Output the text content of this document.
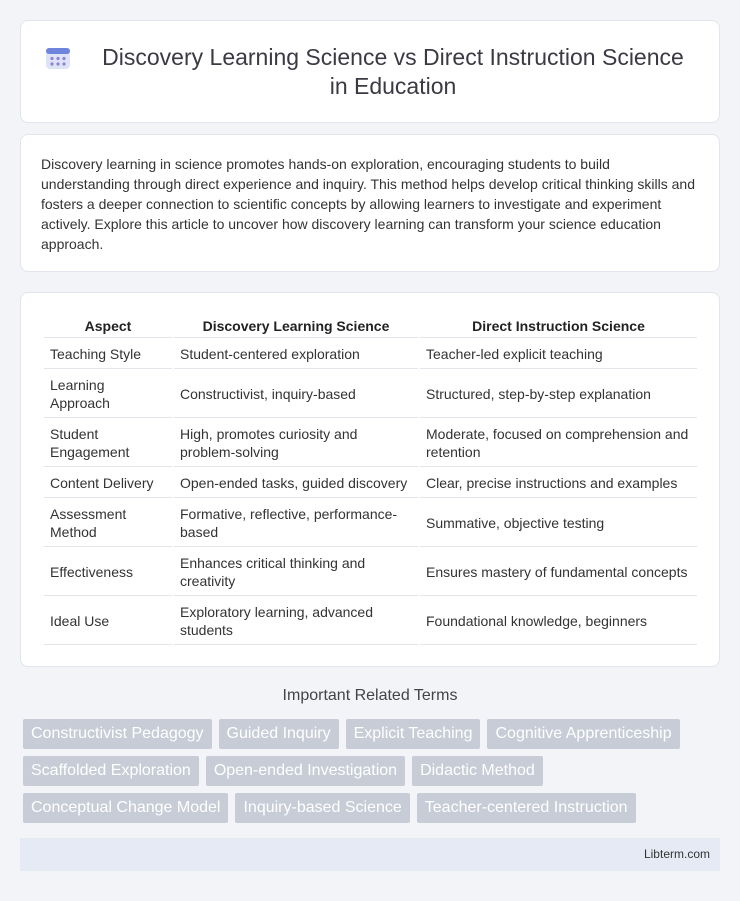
Discovery Learning Science vs Direct Instruction Science in Education

Discovery learning in science promotes hands-on exploration, encouraging students to build understanding through direct experience and inquiry. This method helps develop critical thinking skills and fosters a deeper connection to scientific concepts by allowing learners to investigate and experiment actively. Explore this article to uncover how discovery learning can transform your science education approach.

Aspect	Discovery Learning Science	Direct Instruction Science
Teaching Style	Student-centered exploration	Teacher-led explicit teaching
Learning Approach	Constructivist, inquiry-based	Structured, step-by-step explanation
Student Engagement	High, promotes curiosity and problem-solving	Moderate, focused on comprehension and retention
Content Delivery	Open-ended tasks, guided discovery	Clear, precise instructions and examples
Assessment Method	Formative, reflective, performance-based	Summative, objective testing
Effectiveness	Enhances critical thinking and creativity	Ensures mastery of fundamental concepts
Ideal Use	Exploratory learning, advanced students	Foundational knowledge, beginners
Important Related Terms
Constructivist Pedagogy	Guided Inquiry	Explicit Teaching	Cognitive Apprenticeship
Scaffolded Exploration	Open-ended Investigation	Didactic Method
Conceptual Change Model	Inquiry-based Science	Teacher-centered Instruction
Libterm.com
